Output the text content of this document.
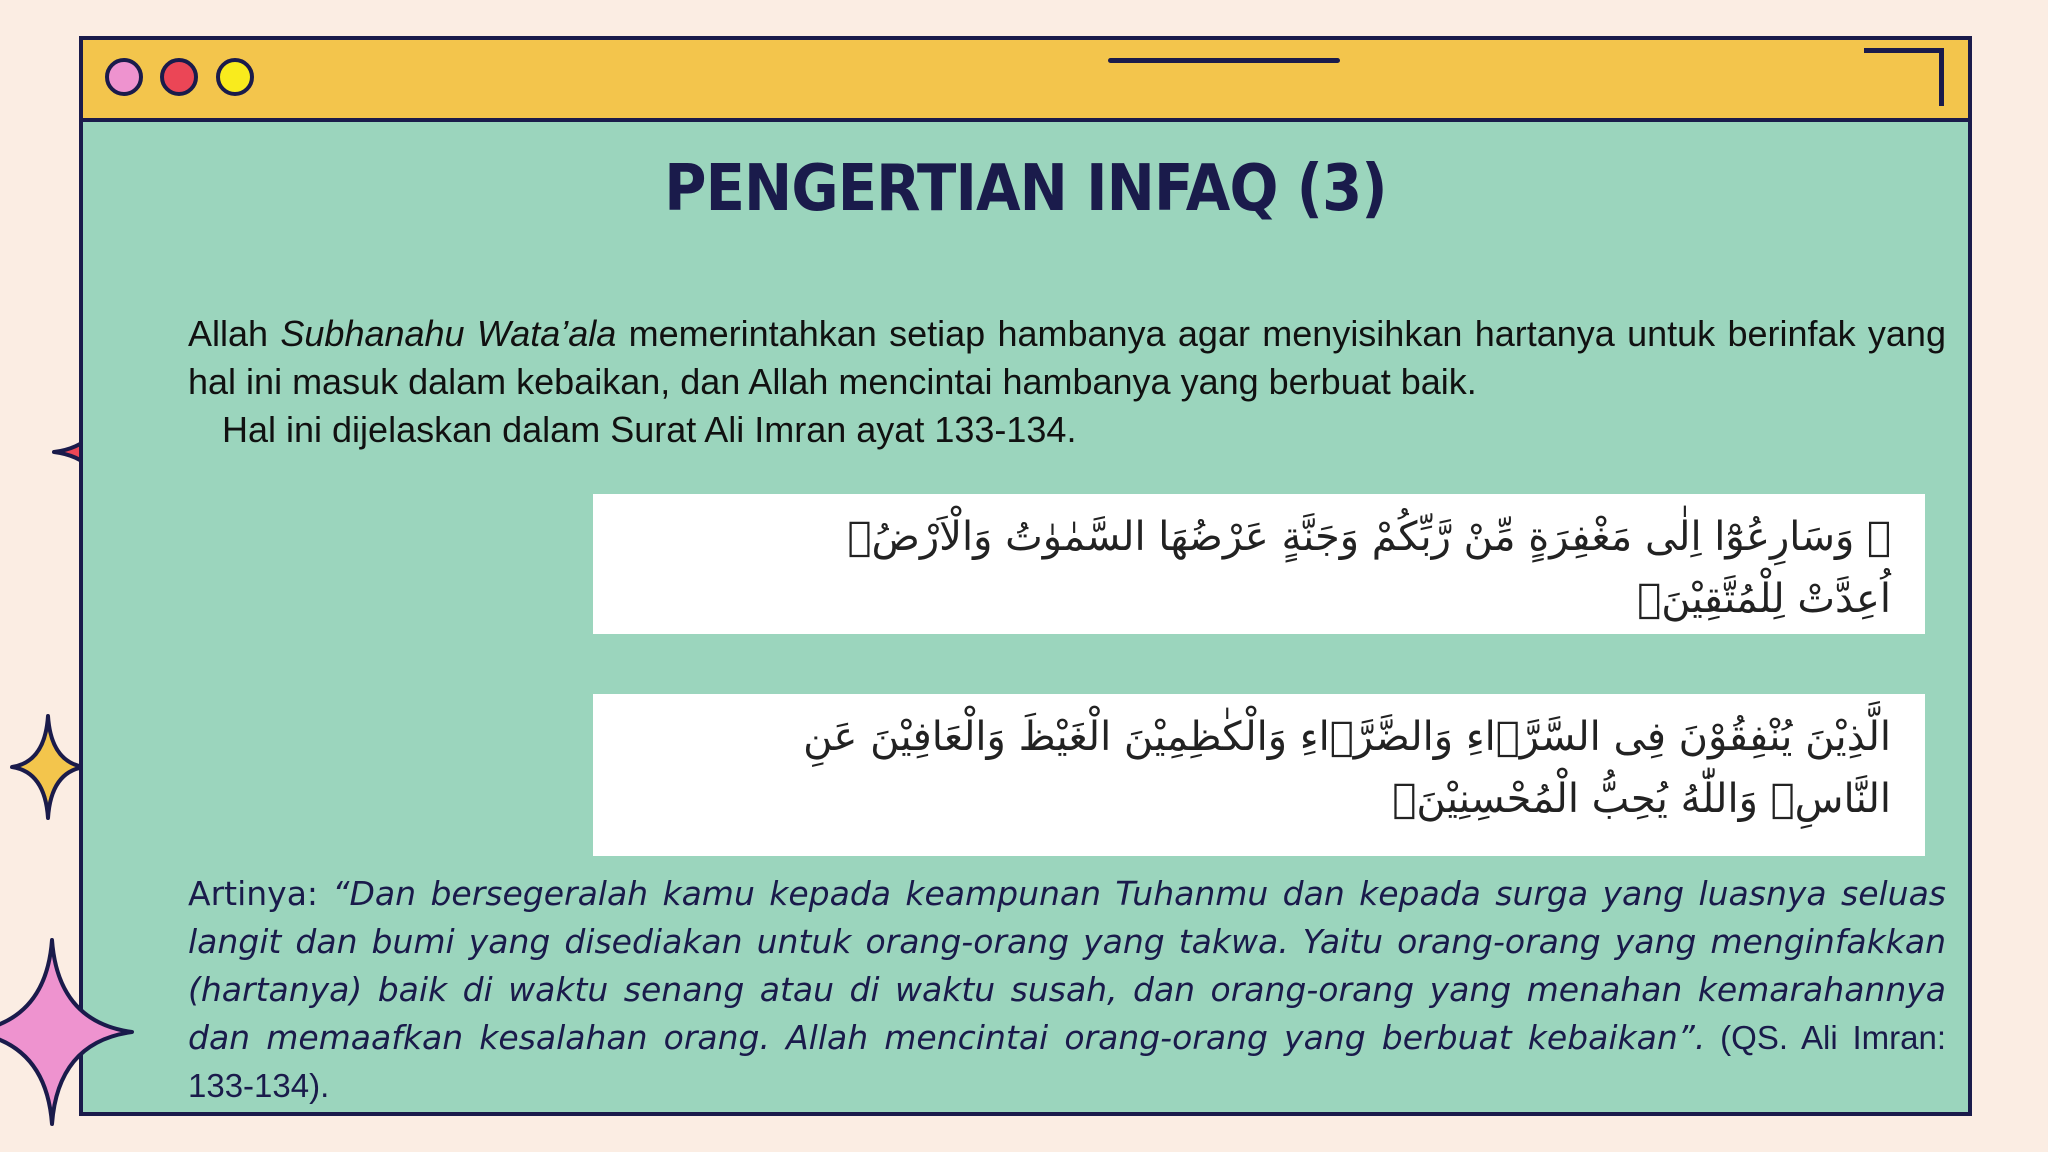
PENGERTIAN INFAQ (3)
Allah Subhanahu Wata’ala memerintahkan setiap hambanya agar menyisihkan hartanya untuk berinfak yang hal ini masuk dalam kebaikan, dan Allah mencintai hambanya yang berbuat baik.
Hal ini dijelaskan dalam Surat Ali Imran ayat 133-134.
۞ وَسَارِعُوْٓا اِلٰى مَغْفِرَةٍ مِّنْ رَّبِّكُمْ وَجَنَّةٍ عَرْضُهَا السَّمٰوٰتُ وَالْاَرْضُۙ
اُعِدَّتْ لِلْمُتَّقِيْنَۙ
الَّذِيْنَ يُنْفِقُوْنَ فِى السَّرَّۤاءِ وَالضَّرَّۤاءِ وَالْكٰظِمِيْنَ الْغَيْظَ وَالْعَافِيْنَ عَنِ
النَّاسِۗ وَاللّٰهُ يُحِبُّ الْمُحْسِنِيْنَۚ
Artinya: “Dan bersegeralah kamu kepada keampunan Tuhanmu dan kepada surga yang luasnya seluas langit dan bumi yang disediakan untuk orang-orang yang takwa. Yaitu orang-orang yang menginfakkan (hartanya) baik di waktu senang atau di waktu susah, dan orang-orang yang menahan kemarahannya dan memaafkan kesalahan orang. Allah mencintai orang-orang yang berbuat kebaikan”. (QS. Ali Imran: 133-134).
